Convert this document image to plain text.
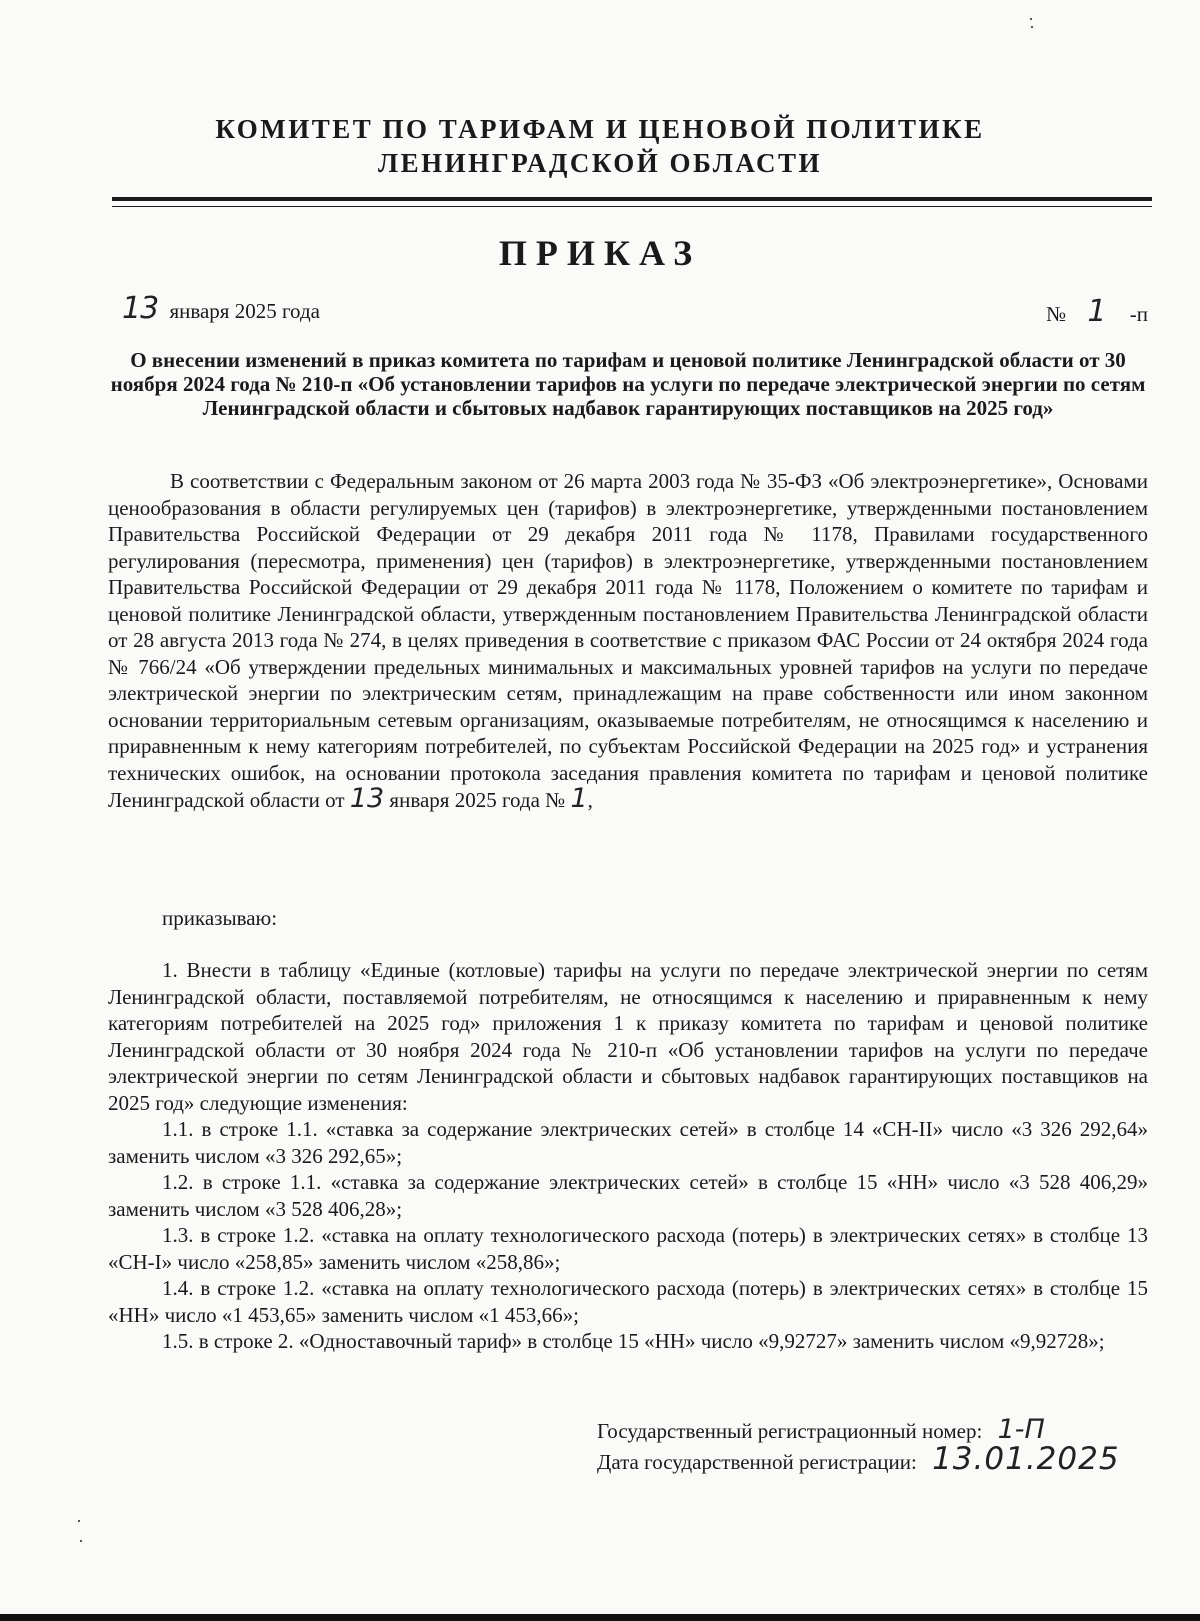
КОМИТЕТ ПО ТАРИФАМ И ЦЕНОВОЙ ПОЛИТИКЕ
ЛЕНИНГРАДСКОЙ ОБЛАСТИ
ПРИКАЗ
13 января 2025 года	№ 1 -п
О внесении изменений в приказ комитета по тарифам и ценовой политике Ленинградской области от 30 ноября 2024 года № 210-п «Об установлении тарифов на услуги по передаче электрической энергии по сетям Ленинградской области и сбытовых надбавок гарантирующих поставщиков на 2025 год»

В соответствии с Федеральным законом от 26 марта 2003 года № 35-ФЗ «Об электроэнергетике», Основами ценообразования в области регулируемых цен (тарифов) в электроэнергетике, утвержденными постановлением Правительства Российской Федерации от 29 декабря 2011 года № 1178, Правилами государственного регулирования (пересмотра, применения) цен (тарифов) в электроэнергетике, утвержденными постановлением Правительства Российской Федерации от 29 декабря 2011 года № 1178, Положением о комитете по тарифам и ценовой политике Ленинградской области, утвержденным постановлением Правительства Ленинградской области от 28 августа 2013 года № 274, в целях приведения в соответствие с приказом ФАС России от 24 октября 2024 года № 766/24 «Об утверждении предельных минимальных и максимальных уровней тарифов на услуги по передаче электрической энергии по электрическим сетям, принадлежащим на праве собственности или ином законном основании территориальным сетевым организациям, оказываемые потребителям, не относящимся к населению и приравненным к нему категориям потребителей, по субъектам Российской Федерации на 2025 год» и устранения технических ошибок, на основании протокола заседания правления комитета по тарифам и ценовой политике Ленинградской области от 13 января 2025 года № 1,

приказываю:

1. Внести в таблицу «Единые (котловые) тарифы на услуги по передаче электрической энергии по сетям Ленинградской области, поставляемой потребителям, не относящимся к населению и приравненным к нему категориям потребителей на 2025 год» приложения 1 к приказу комитета по тарифам и ценовой политике Ленинградской области от 30 ноября 2024 года № 210-п «Об установлении тарифов на услуги по передаче электрической энергии по сетям Ленинградской области и сбытовых надбавок гарантирующих поставщиков на 2025 год» следующие изменения:

1.1. в строке 1.1. «ставка за содержание электрических сетей» в столбце 14 «СН-II» число «3 326 292,64» заменить числом «3 326 292,65»;

1.2. в строке 1.1. «ставка за содержание электрических сетей» в столбце 15 «НН» число «3 528 406,29» заменить числом «3 528 406,28»;

1.3. в строке 1.2. «ставка на оплату технологического расхода (потерь) в электрических сетях» в столбце 13 «СН-I» число «258,85» заменить числом «258,86»;

1.4. в строке 1.2. «ставка на оплату технологического расхода (потерь) в электрических сетях» в столбце 15 «НН» число «1 453,65» заменить числом «1 453,66»;

1.5. в строке 2. «Одноставочный тариф» в столбце 15 «НН» число «9,92727» заменить числом «9,92728»;

Государственный регистрационный номер: 1-П
Дата государственной регистрации: 13.01.2025
